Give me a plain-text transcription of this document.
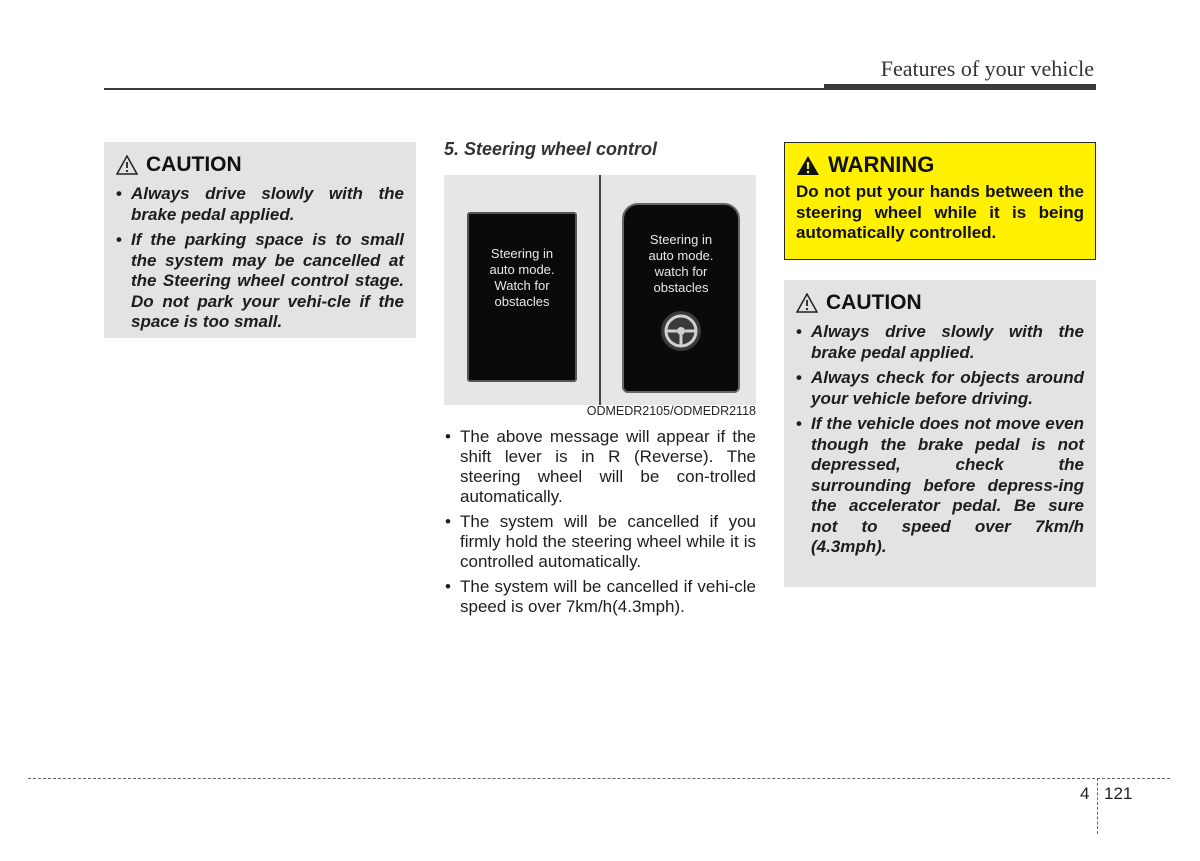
Features of your vehicle
CAUTION
• Always drive slowly with the brake pedal applied.
• If the parking space is to small the system may be cancelled at the Steering wheel control stage. Do not park your vehi-cle if the space is too small.
5. Steering wheel control
Steering in
auto mode.
Watch for
obstacles
Steering in
auto mode.
watch for
obstacles
ODMEDR2105/ODMEDR2118
• The above message will appear if the shift lever is in R (Reverse). The steering wheel will be con-trolled automatically.
• The system will be cancelled if you firmly hold the steering wheel while it is controlled automatically.
• The system will be cancelled if vehi-cle speed is over 7km/h(4.3mph).
WARNING

Do not put your hands between the steering wheel while it is being automatically controlled.

CAUTION
• Always drive slowly with the brake pedal applied.
• Always check for objects around your vehicle before driving.
• If the vehicle does not move even though the brake pedal is not depressed, check the surrounding before depress-ing the accelerator pedal. Be sure not to speed over 7km/h (4.3mph).
4 121
